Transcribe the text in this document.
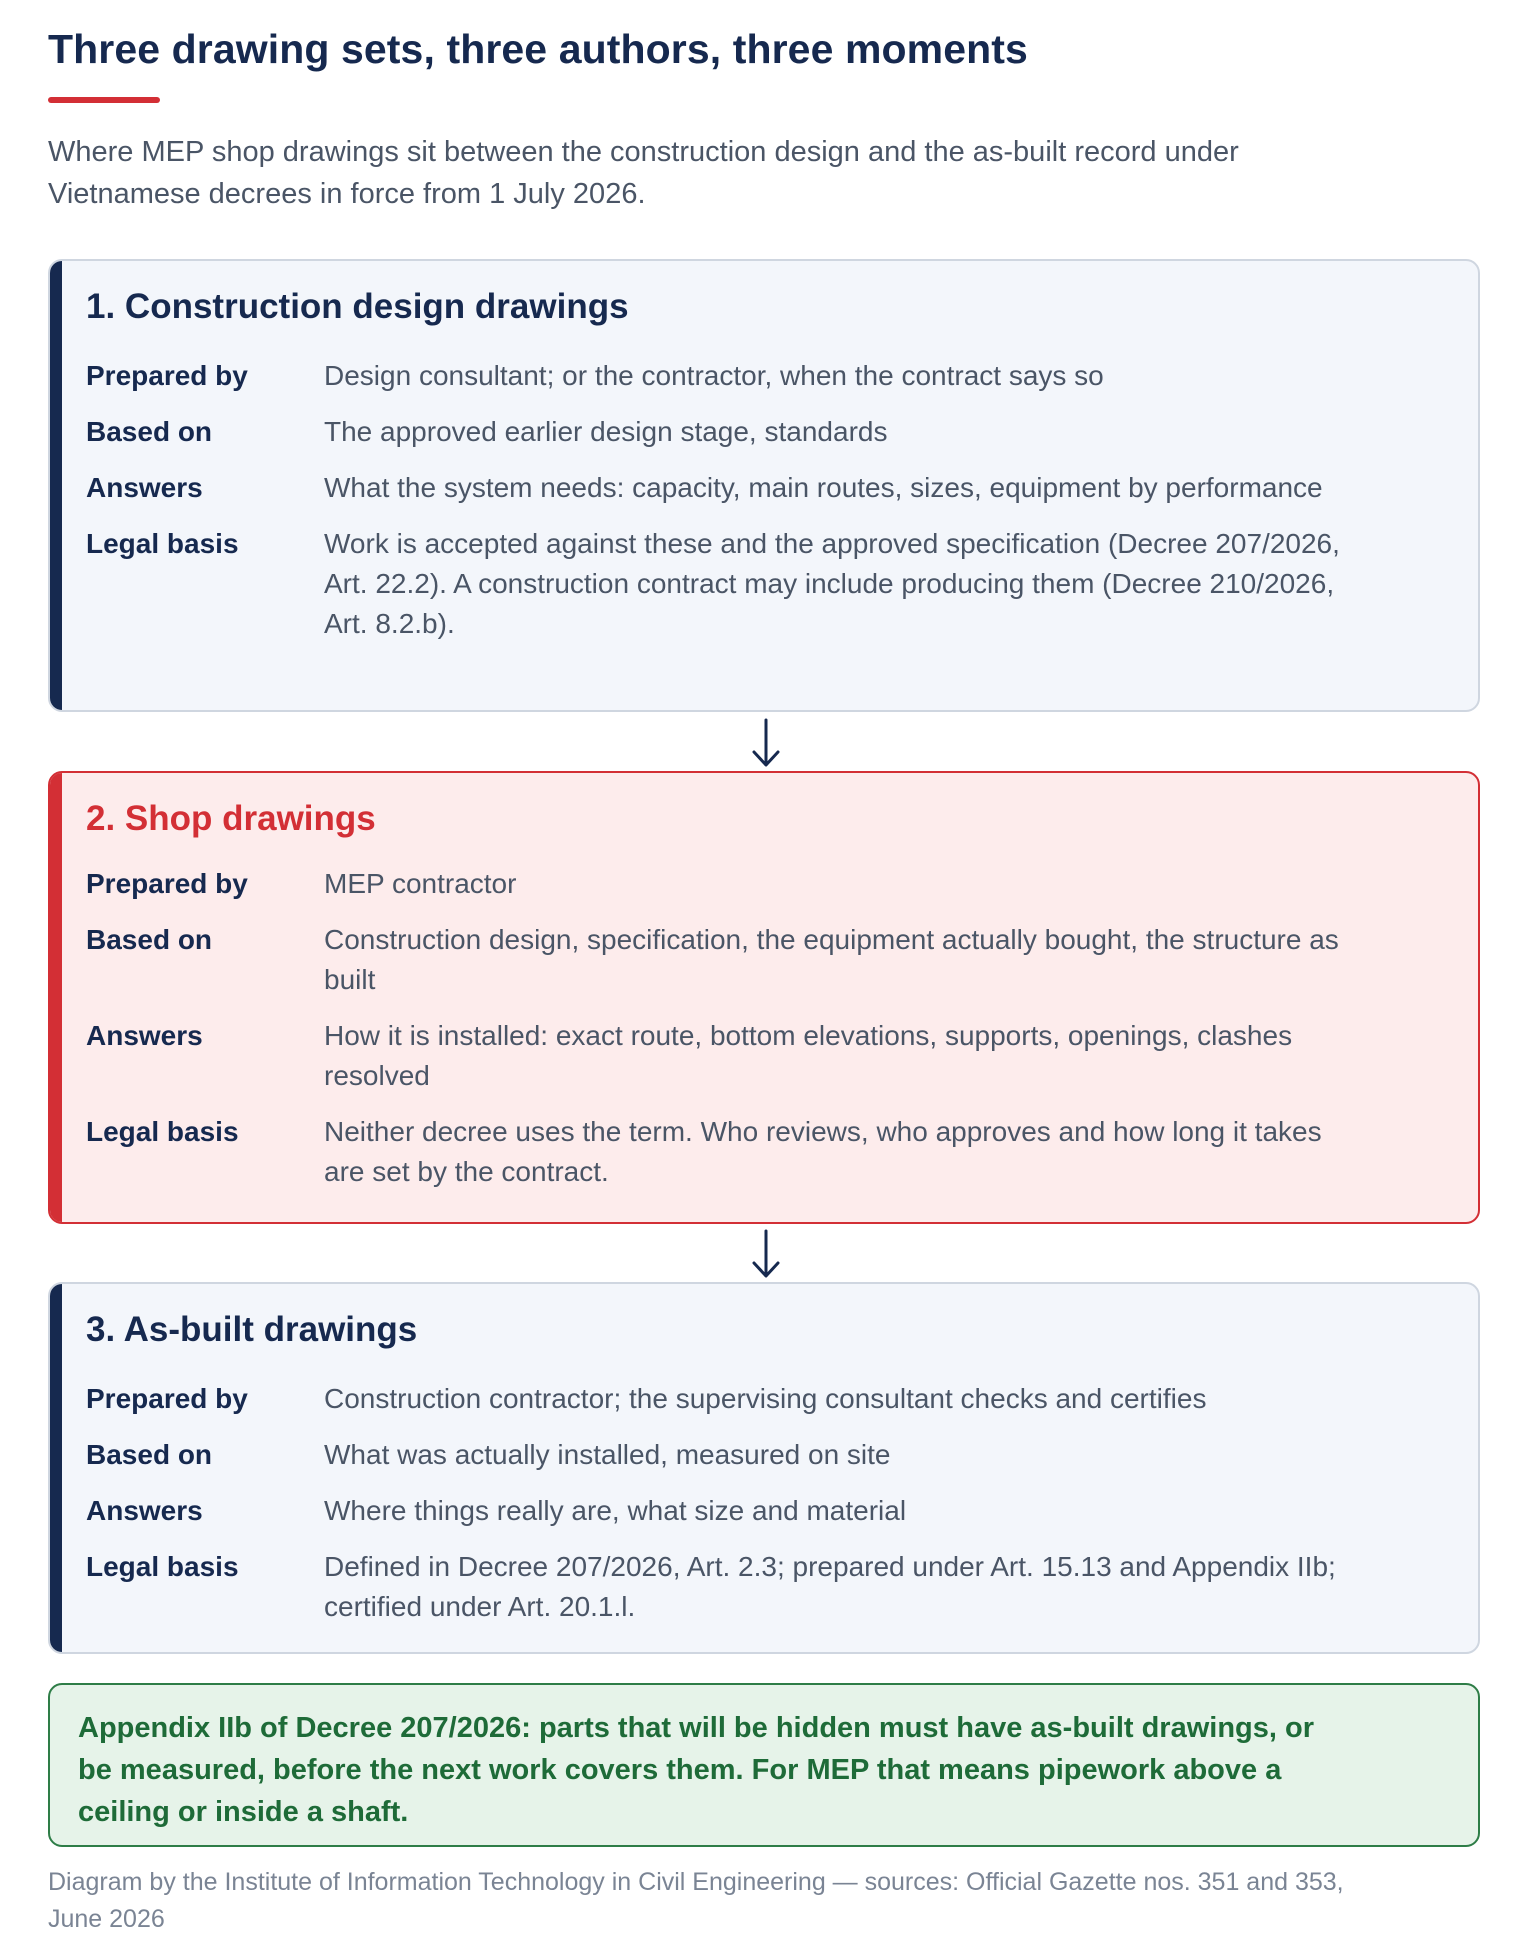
Three drawing sets, three authors, three moments

Where MEP shop drawings sit between the construction design and the as-built record under Vietnamese decrees in force from 1 July 2026.

1. Construction design drawings
Prepared by	Design consultant; or the contractor, when the contract says so
Based on	The approved earlier design stage, standards
Answers	What the system needs: capacity, main routes, sizes, equipment by performance
Legal basis	Work is accepted against these and the approved specification (Decree 207/2026, Art. 22.2). A construction contract may include producing them (Decree 210/2026, Art. 8.2.b).
2. Shop drawings
Prepared by	MEP contractor
Based on	Construction design, specification, the equipment actually bought, the structure as built
Answers	How it is installed: exact route, bottom elevations, supports, openings, clashes resolved
Legal basis	Neither decree uses the term. Who reviews, who approves and how long it takes are set by the contract.
3. As-built drawings
Prepared by	Construction contractor; the supervising consultant checks and certifies
Based on	What was actually installed, measured on site
Answers	Where things really are, what size and material
Legal basis	Defined in Decree 207/2026, Art. 2.3; prepared under Art. 15.13 and Appendix IIb; certified under Art. 20.1.l.

Appendix IIb of Decree 207/2026: parts that will be hidden must have as-built drawings, or be measured, before the next work covers them. For MEP that means pipework above a ceiling or inside a shaft.

Diagram by the Institute of Information Technology in Civil Engineering — sources: Official Gazette nos. 351 and 353, June 2026
